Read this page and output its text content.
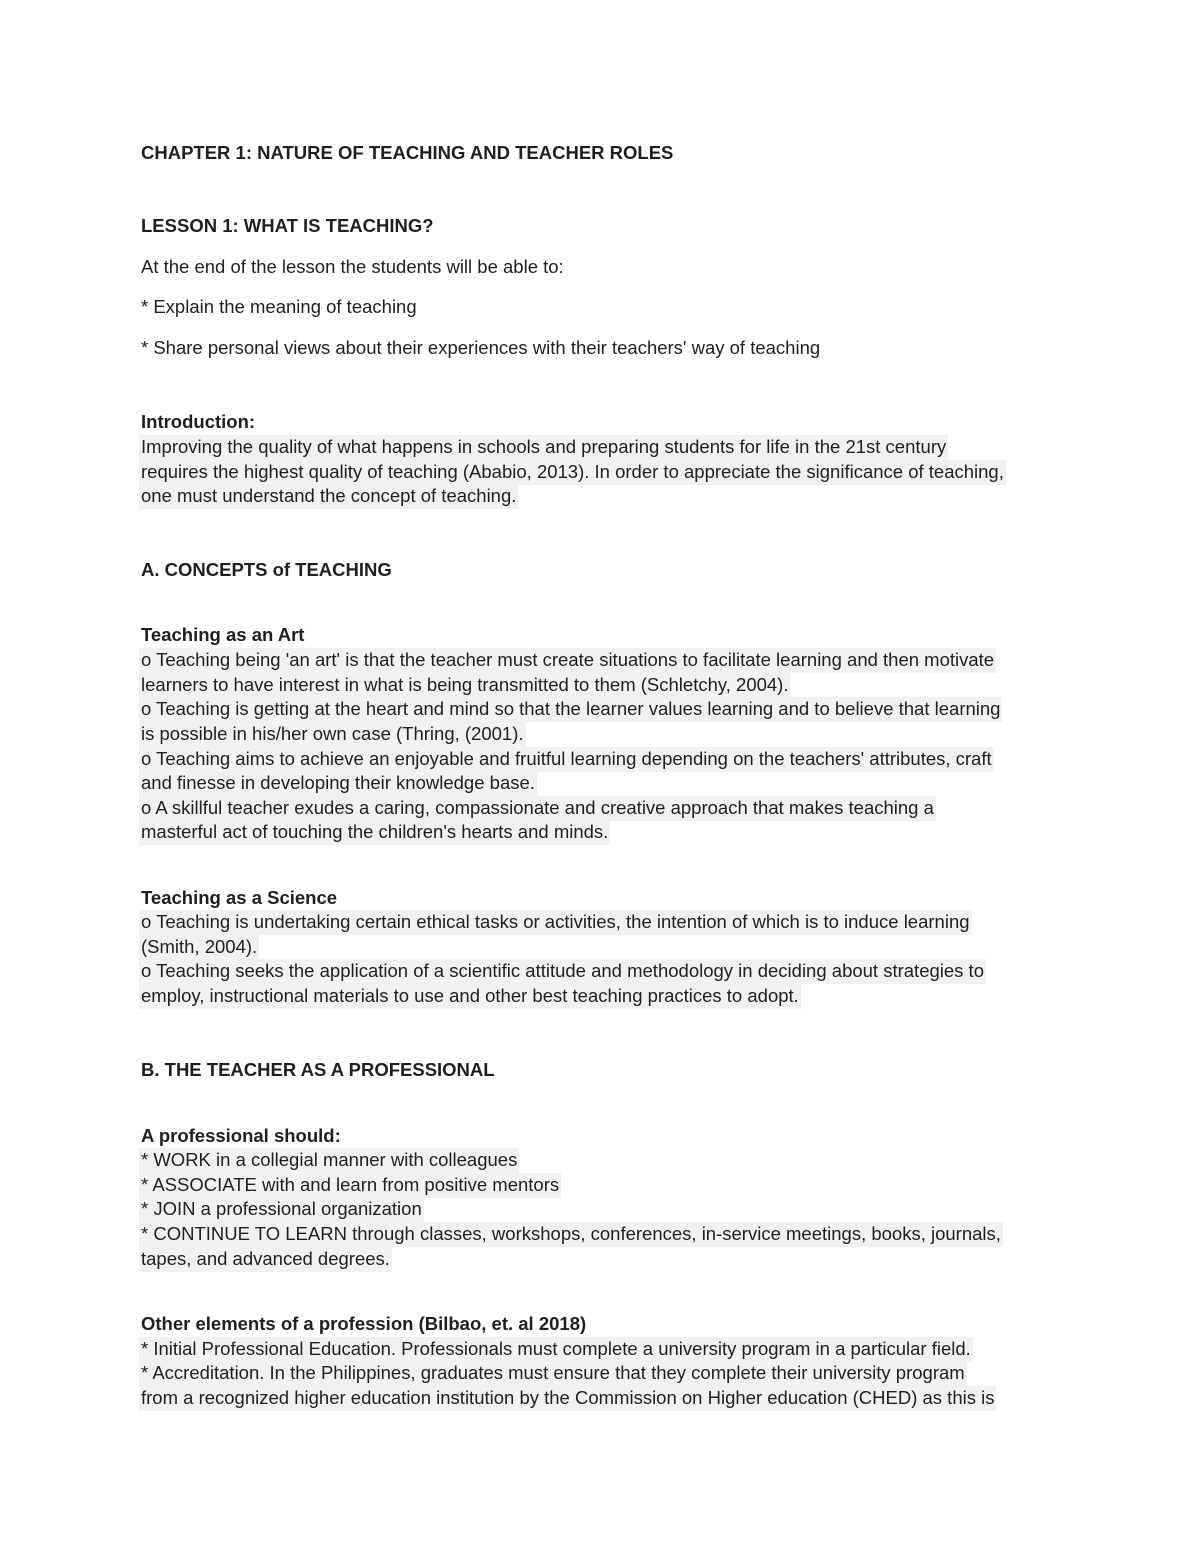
CHAPTER 1: NATURE OF TEACHING AND TEACHER ROLES
LESSON 1: WHAT IS TEACHING?
At the end of the lesson the students will be able to:
* Explain the meaning of teaching
* Share personal views about their experiences with their teachers' way of teaching
Introduction:
Improving the quality of what happens in schools and preparing students for life in the 21st century
requires the highest quality of teaching (Ababio, 2013). In order to appreciate the significance of teaching,
one must understand the concept of teaching.
A. CONCEPTS of TEACHING
Teaching as an Art
o Teaching being 'an art' is that the teacher must create situations to facilitate learning and then motivate
learners to have interest in what is being transmitted to them (Schletchy, 2004).
o Teaching is getting at the heart and mind so that the learner values learning and to believe that learning
is possible in his/her own case (Thring, (2001).
o Teaching aims to achieve an enjoyable and fruitful learning depending on the teachers' attributes, craft
and finesse in developing their knowledge base.
o A skillful teacher exudes a caring, compassionate and creative approach that makes teaching a
masterful act of touching the children's hearts and minds.
Teaching as a Science
o Teaching is undertaking certain ethical tasks or activities, the intention of which is to induce learning
(Smith, 2004).
o Teaching seeks the application of a scientific attitude and methodology in deciding about strategies to
employ, instructional materials to use and other best teaching practices to adopt.
B. THE TEACHER AS A PROFESSIONAL
A professional should:
* WORK in a collegial manner with colleagues
* ASSOCIATE with and learn from positive mentors
* JOIN a professional organization
* CONTINUE TO LEARN through classes, workshops, conferences, in-service meetings, books, journals,
tapes, and advanced degrees.
Other elements of a profession (Bilbao, et. al 2018)
* Initial Professional Education. Professionals must complete a university program in a particular field.
* Accreditation. In the Philippines, graduates must ensure that they complete their university program
from a recognized higher education institution by the Commission on Higher education (CHED) as this is
